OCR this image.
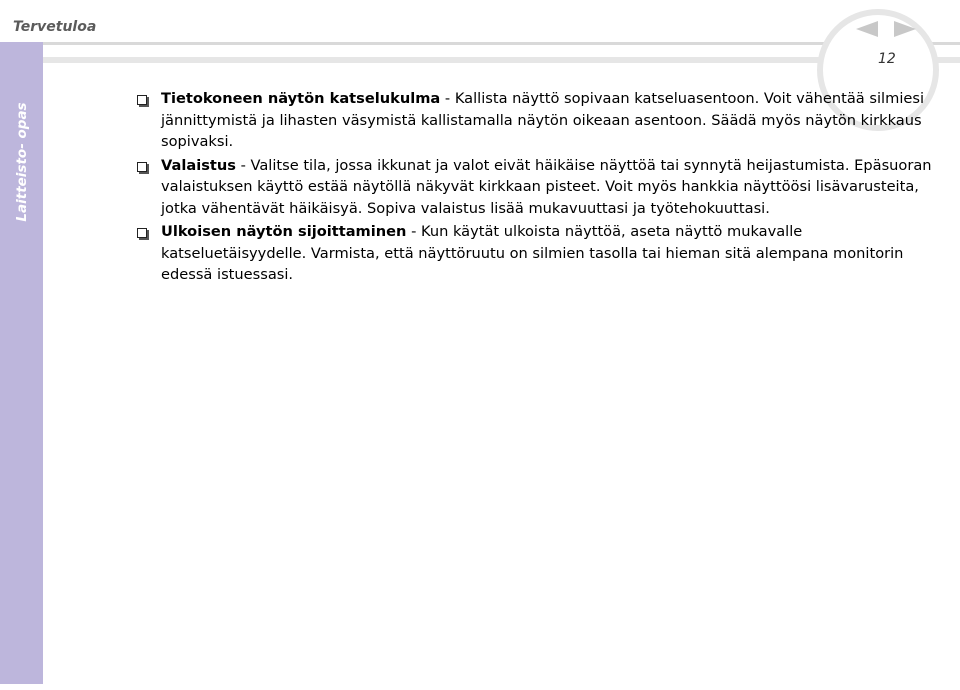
Tervetuloa
Laitteisto- opas
12

Tietokoneen näytön katselukulma - Kallista näyttö sopivaan katseluasentoon. Voit vähentää silmiesi jännittymistä ja lihasten väsymistä kallistamalla näytön oikeaan asentoon. Säädä myös näytön kirkkaus sopivaksi.

Valaistus - Valitse tila, jossa ikkunat ja valot eivät häikäise näyttöä tai synnytä heijastumista. Epäsuoran valaistuksen käyttö estää näytöllä näkyvät kirkkaan pisteet. Voit myös hankkia näyttöösi lisävarusteita, jotka vähentävät häikäisyä. Sopiva valaistus lisää mukavuuttasi ja työtehokuuttasi.

Ulkoisen näytön sijoittaminen - Kun käytät ulkoista näyttöä, aseta näyttö mukavalle katseluetäisyydelle. Varmista, että näyttöruutu on silmien tasolla tai hieman sitä alempana monitorin edessä istuessasi.
